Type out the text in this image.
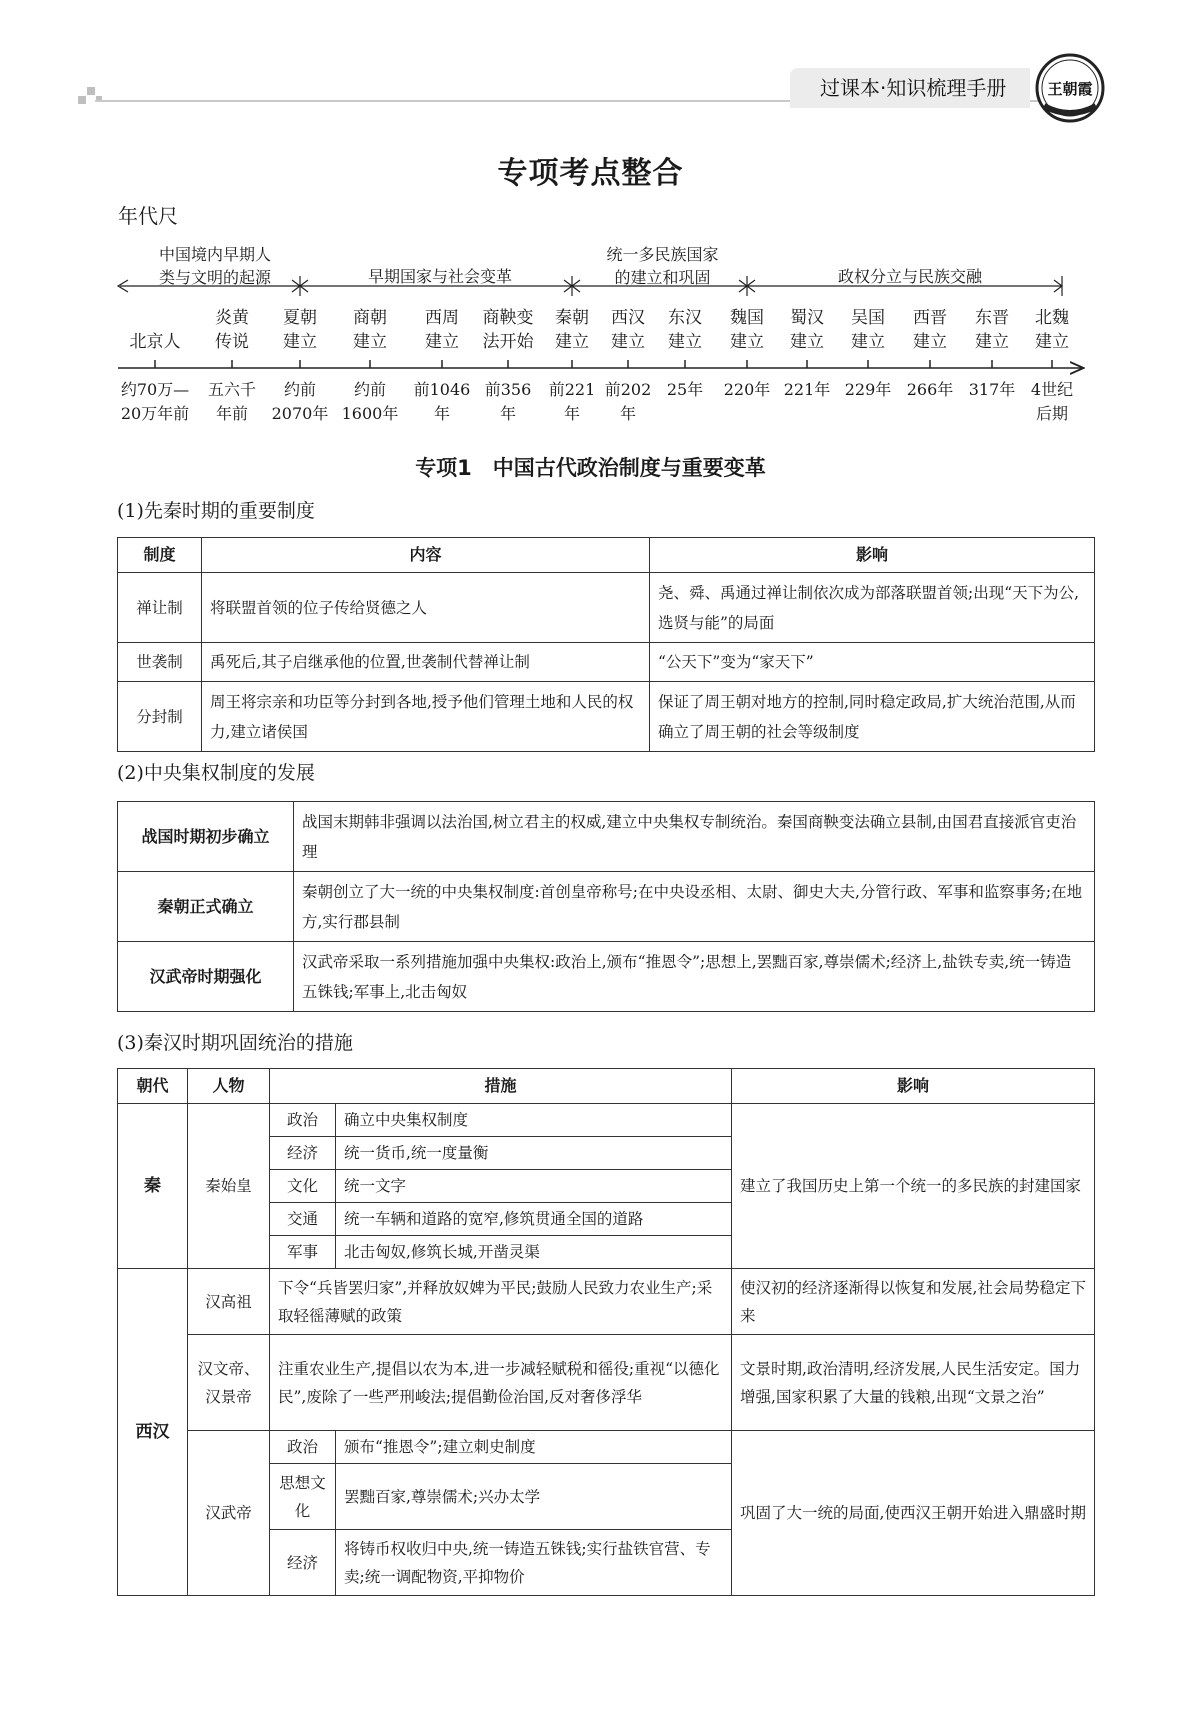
过课本·知识梳理手册	王朝霞
专项考点整合
年代尺
中国境内早期人
类与文明的起源	早期国家与社会变革
统一多民族国家
的建立和巩固	政权分立与民族交融
北京人
约70万—
20万年前
炎黄
传说
五六千
年前
夏朝
建立
约前
2070年
商朝
建立
约前
1600年
西周
建立
前1046
年
商鞅变
法开始
前356
年
秦朝
建立
前221
年
西汉
建立
前202
年
东汉
建立
25年
魏国
建立
220年
蜀汉
建立
221年
吴国
建立
229年
西晋
建立
266年
东晋
建立
317年
北魏
建立
4世纪
后期
专项1　中国古代政治制度与重要变革
(1)先秦时期的重要制度
制度	内容	影响
禅让制	将联盟首领的位子传给贤德之人	尧、舜、禹通过禅让制依次成为部落联盟首领;出现“天下为公,选贤与能”的局面
世袭制	禹死后,其子启继承他的位置,世袭制代替禅让制	“公天下”变为“家天下”
分封制	周王将宗亲和功臣等分封到各地,授予他们管理土地和人民的权力,建立诸侯国	保证了周王朝对地方的控制,同时稳定政局,扩大统治范围,从而确立了周王朝的社会等级制度
(2)中央集权制度的发展
战国时期初步确立	战国末期韩非强调以法治国,树立君主的权威,建立中央集权专制统治。秦国商鞅变法确立县制,由国君直接派官吏治理
秦朝正式确立	秦朝创立了大一统的中央集权制度:首创皇帝称号;在中央设丞相、太尉、御史大夫,分管行政、军事和监察事务;在地方,实行郡县制
汉武帝时期强化	汉武帝采取一系列措施加强中央集权:政治上,颁布“推恩令”;思想上,罢黜百家,尊崇儒术;经济上,盐铁专卖,统一铸造五铢钱;军事上,北击匈奴
(3)秦汉时期巩固统治的措施
朝代	人物	措施		影响
秦	秦始皇	政治	确立中央集权制度	建立了我国历史上第一个统一的多民族的封建国家
		经济	统一货币,统一度量衡	
		文化	统一文字	
		交通	统一车辆和道路的宽窄,修筑贯通全国的道路	
		军事	北击匈奴,修筑长城,开凿灵渠	
西汉	汉高祖	下令“兵皆罢归家”,并释放奴婢为平民;鼓励人民致力农业生产;采取轻徭薄赋的政策		使汉初的经济逐渐得以恢复和发展,社会局势稳定下来
	汉文帝、汉景帝	注重农业生产,提倡以农为本,进一步减轻赋税和徭役;重视“以德化民”,废除了一些严刑峻法;提倡勤俭治国,反对奢侈浮华		文景时期,政治清明,经济发展,人民生活安定。国力增强,国家积累了大量的钱粮,出现“文景之治”
	汉武帝	政治	颁布“推恩令”;建立刺史制度	巩固了大一统的局面,使西汉王朝开始进入鼎盛时期
		思想文化	罢黜百家,尊崇儒术;兴办太学	
		经济	将铸币权收归中央,统一铸造五铢钱;实行盐铁官营、专卖;统一调配物资,平抑物价	
